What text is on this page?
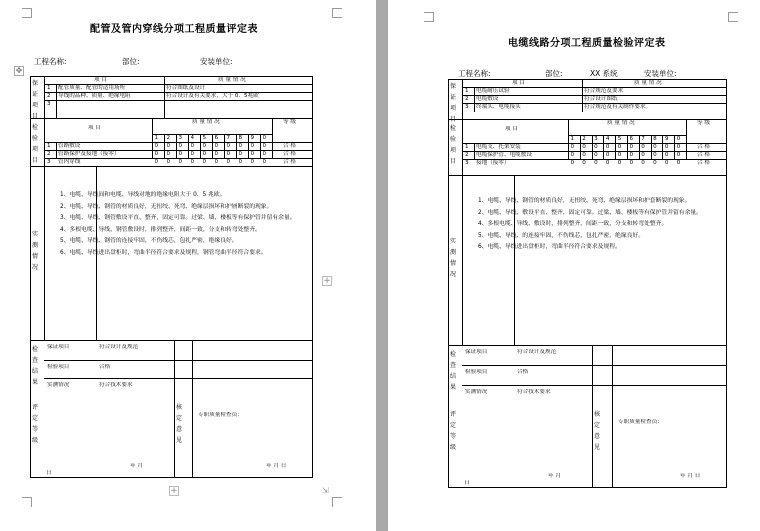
配管及管内穿线分项工程质量评定表
工程名称:	部位:	安装单位:
保证项目
检验项目
实测情况
检查结果
评定等级
核定意见
项 目	质 量 情 况
1 配管质量、配管的适用场所	符合图纸及设计
2 导线的品种、质量、绝缘电阻	符合设计及有关要求，大于 0．5兆欧
3
项 目
质 量 情 况	等 级
1 2 3 4 5 6 7 8 9 0
1 管路敷设	0 0 0 0 0 0 0 0 0 0	合 格
2 管路保护及接地（接零）	0 0 0 0 0 0 0 0 0 0	合 格
3 管内穿线	0 0 0 0 0 0 0 0 0 0	合 格
1、电缆、导线间和电缆、导线对地的绝缘电阻大于 0．5 兆欧。
2、电缆、导线、钢管的材质良好，无扭绞、死弯、绝缘层损坏和护層断裂的现象。
3、电缆、导线、钢管敷设平直、整齐，固定可靠。过梁、墙、楼板等有保护管并留有余量。
4、多根电缆、导线、钢管敷设时，排列整齐，间距一致，分支和转弯处整齐。
5、电缆、导线、钢管的连接牢固，不伤线芯，包扎严密，绝缘良好。
6、电缆、导线进出盘柜时，弯曲半径符合要求及规程，钢管弯曲半径符合要求。
保证项目	符合设计及规范
检验项目	合格
实测情况	符合技术要求
专职质量检查员：
年 月
日
年 月 日
✥
+
+	⇲
电缆线路分项工程质量检验评定表
工程名称:	部位:	XX 系统	安装单位:
保证项目
检验项目
实测情况
检查结果
评定等级
核定意见
项 目	质 量 情 况
1 电缆耐压试验	符合规范及要求
2 电缆敷设	符合设计图纸
3 终端头、电缆接头	符合规范及有关制作要求。
项 目
质 量 情 况	等 级
1 2 3 4 5 6 7 8 9 0
1 电缆支、托架安装	0 0 0 0 0 0 0 0 0 0	合 格
2 电缆保护管、电缆敷设	0 0 0 0 0 0 0 0 0 0	合 格
3 接地（接零）	0 0 0 0 0 0 0 0 0 0	合 格
1、电缆、导线、钢管的材质良好，无扭绞、死弯、绝缘层损坏和护套断裂的现象。
2、电缆、导线、敷设平直、整齐，固定可靠。过梁、墙、楼板等有保护管并留有余量。
4、多根电缆、导线、敷设时，排列整齐，间距一致，分支和转弯处整齐。
5、电缆、导线、的连接牢固，不伤线芯，包扎严密，绝缘良好。
6、电缆、导线进出盘柜时，弯曲半径符合要求及规程。
保证项目	符合设计及规范
检验项目	合格
实测情况	符合技术要求
专职质量检查员：
年 月
日
年 月 日
